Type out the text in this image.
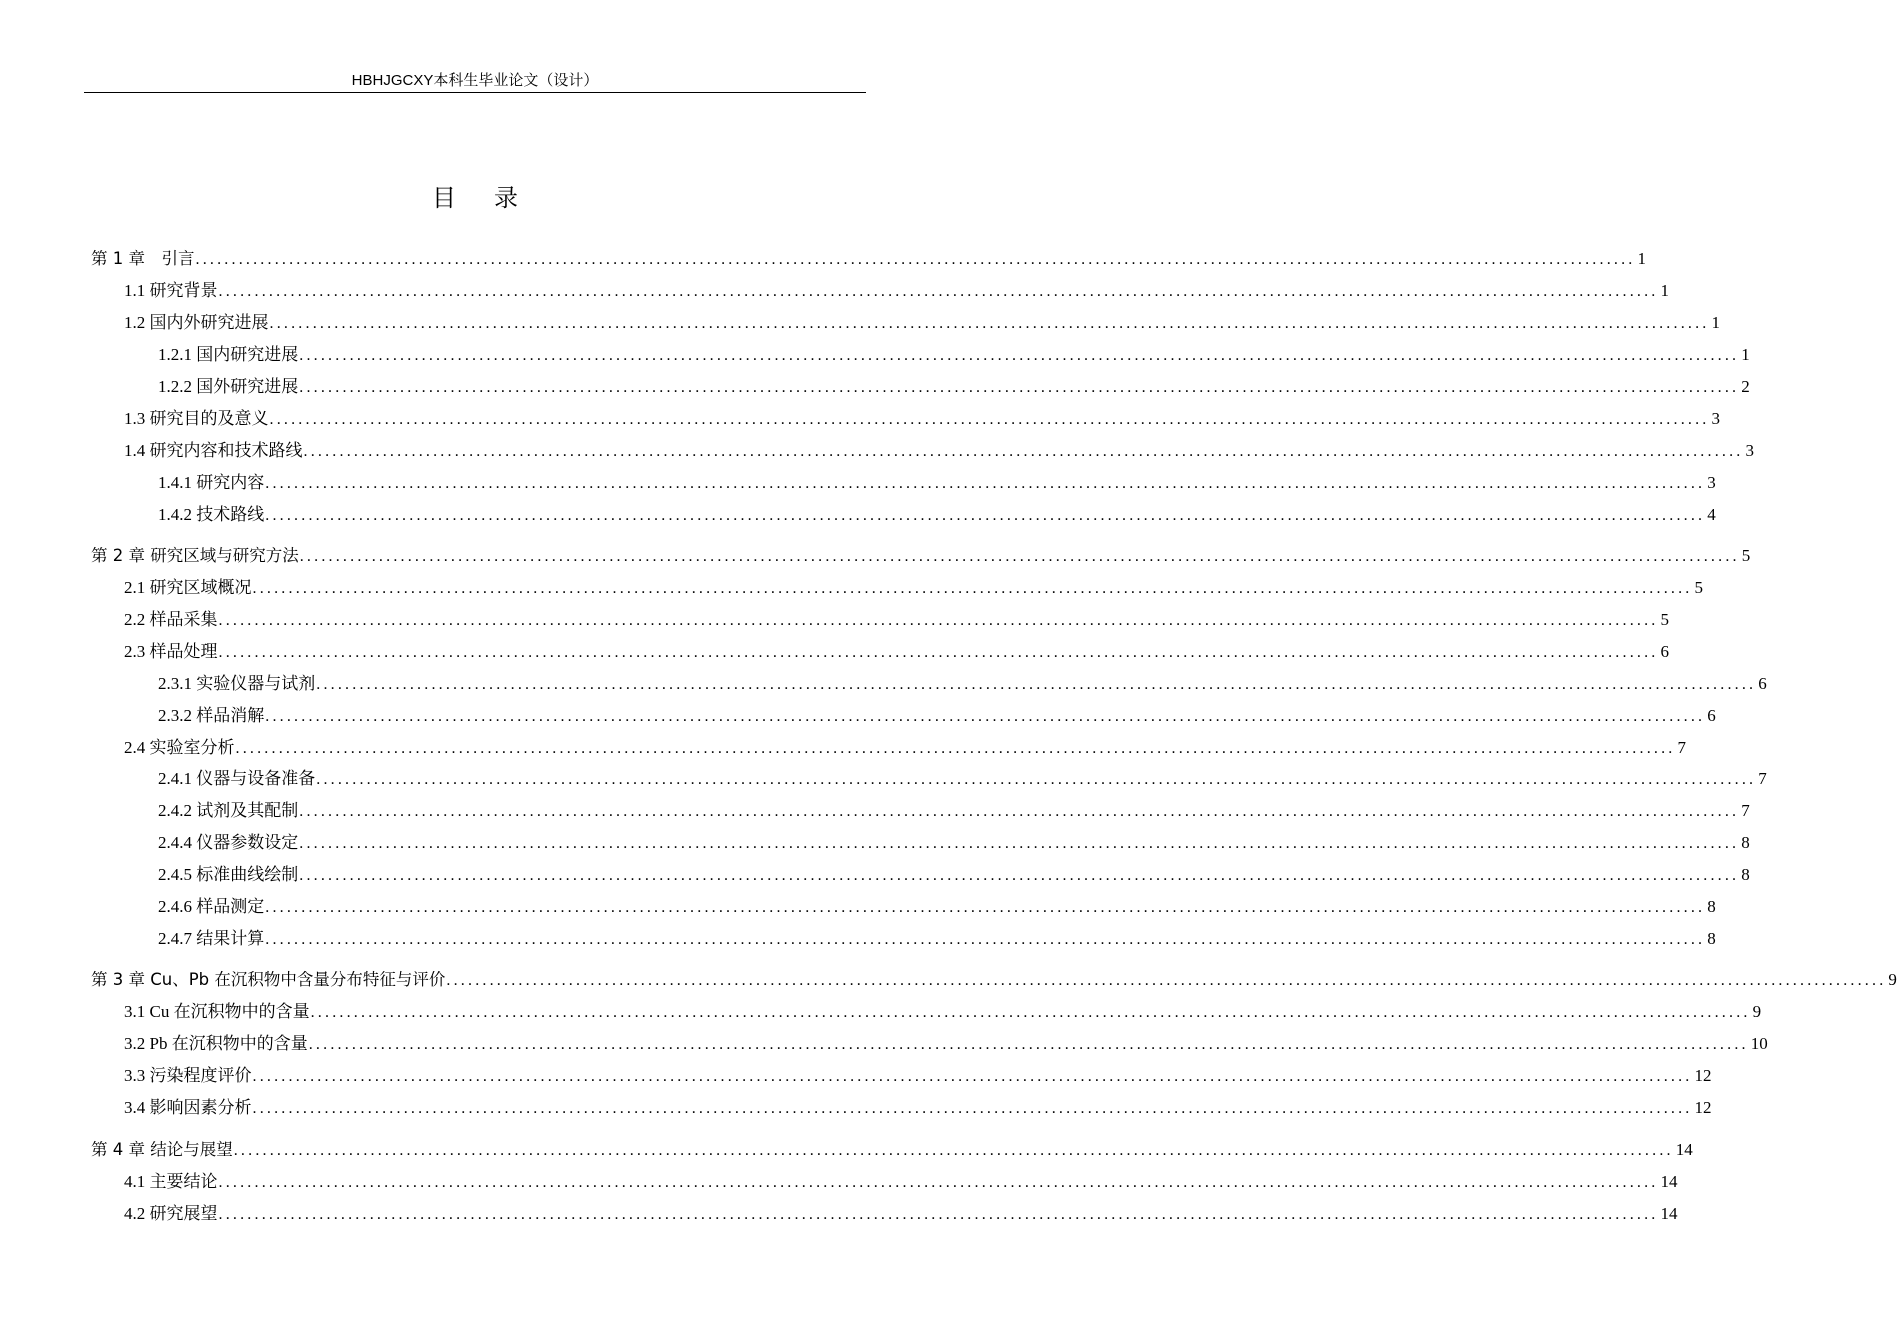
HBHJGCXY本科生毕业论文（设计）
目录
第 1 章　引言 ........................................................................................................................................................................................................ 1
1.1 研究背景 ........................................................................................................................................................................................................ 1
1.2 国内外研究进展 ........................................................................................................................................................................................................ 1
1.2.1 国内研究进展 ........................................................................................................................................................................................................ 1
1.2.2 国外研究进展 ........................................................................................................................................................................................................ 2
1.3 研究目的及意义 ........................................................................................................................................................................................................ 3
1.4 研究内容和技术路线 ........................................................................................................................................................................................................ 3
1.4.1 研究内容 ........................................................................................................................................................................................................ 3
1.4.2 技术路线 ........................................................................................................................................................................................................ 4
第 2 章 研究区域与研究方法 ........................................................................................................................................................................................................ 5
2.1 研究区域概况 ........................................................................................................................................................................................................ 5
2.2 样品采集 ........................................................................................................................................................................................................ 5
2.3 样品处理 ........................................................................................................................................................................................................ 6
2.3.1 实验仪器与试剂 ........................................................................................................................................................................................................ 6
2.3.2 样品消解 ........................................................................................................................................................................................................ 6
2.4 实验室分析 ........................................................................................................................................................................................................ 7
2.4.1 仪器与设备准备 ........................................................................................................................................................................................................ 7
2.4.2 试剂及其配制 ........................................................................................................................................................................................................ 7
2.4.4 仪器参数设定 ........................................................................................................................................................................................................ 8
2.4.5 标准曲线绘制 ........................................................................................................................................................................................................ 8
2.4.6 样品测定 ........................................................................................................................................................................................................ 8
2.4.7 结果计算 ........................................................................................................................................................................................................ 8
第 3 章 Cu、Pb 在沉积物中含量分布特征与评价 ........................................................................................................................................................................................................ 9
3.1 Cu 在沉积物中的含量 ........................................................................................................................................................................................................ 9
3.2 Pb 在沉积物中的含量 ........................................................................................................................................................................................................ 10
3.3 污染程度评价 ........................................................................................................................................................................................................ 12
3.4 影响因素分析 ........................................................................................................................................................................................................ 12
第 4 章 结论与展望 ........................................................................................................................................................................................................ 14
4.1 主要结论 ........................................................................................................................................................................................................ 14
4.2 研究展望 ........................................................................................................................................................................................................ 14
